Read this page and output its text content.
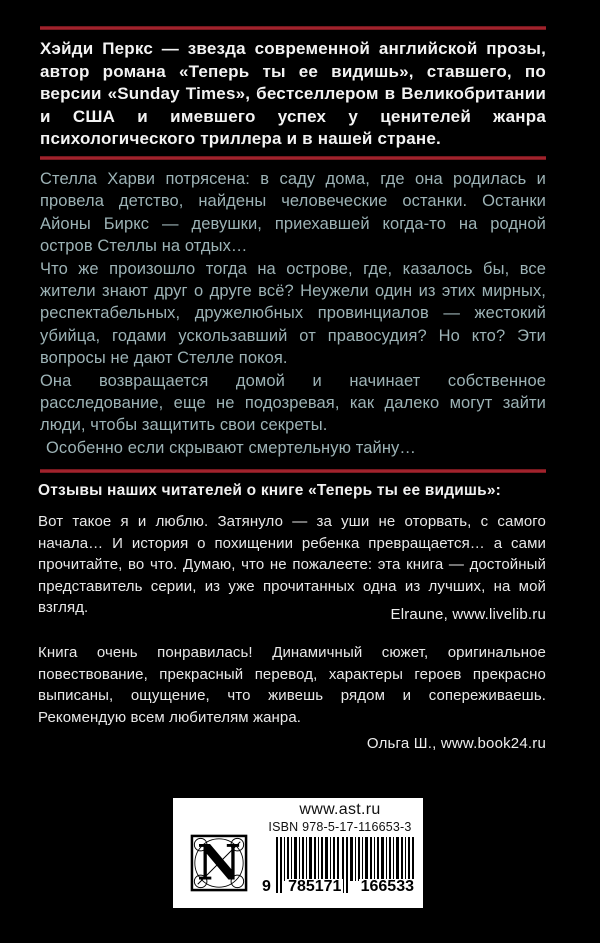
Хэйди Перкс — звезда современной английской прозы, автор романа «Теперь ты ее видишь», ставшего, по версии «Sunday Times», бестселлером в Великобритании и США и имевшего успех у ценителей жанра психологического триллера и в нашей стране.

Стелла Харви потрясена: в саду дома, где она родилась и провела детство, найдены человеческие останки. Останки Айоны Биркс — девушки, приехавшей когда-то на родной остров Стеллы на отдых…

Что же произошло тогда на острове, где, казалось бы, все жители знают друг о друге всё? Неужели один из этих мирных, респектабельных, дружелюбных провинциалов — жестокий убийца, годами ускользавший от правосудия? Но кто? Эти вопросы не дают Стелле покоя.

Она возвращается домой и начинает собственное расследование, еще не подозревая, как далеко могут зайти люди, чтобы защитить свои секреты.

Особенно если скрывают смертельную тайну…

Отзывы наших читателей о книге «Теперь ты ее видишь»:
Вот такое я и люблю. Затянуло — за уши не оторвать, с самого начала… И история о похищении ребенка превращается… а сами прочитайте, во что. Думаю, что не пожалеете: эта книга — достойный представитель серии, из уже прочитанных одна из лучших, на мой взгляд.	Elraune, www.livelib.ru
Книга очень понравилась! Динамичный сюжет, оригинальное повествование, прекрасный перевод, характеры героев прекрасно выписаны, ощущение, что живешь рядом и сопереживаешь. Рекомендую всем любителям жанра.
Ольга Ш., www.book24.ru
N
www.ast.ru
ISBN 978-5-17-116653-3
9 785171 166533
